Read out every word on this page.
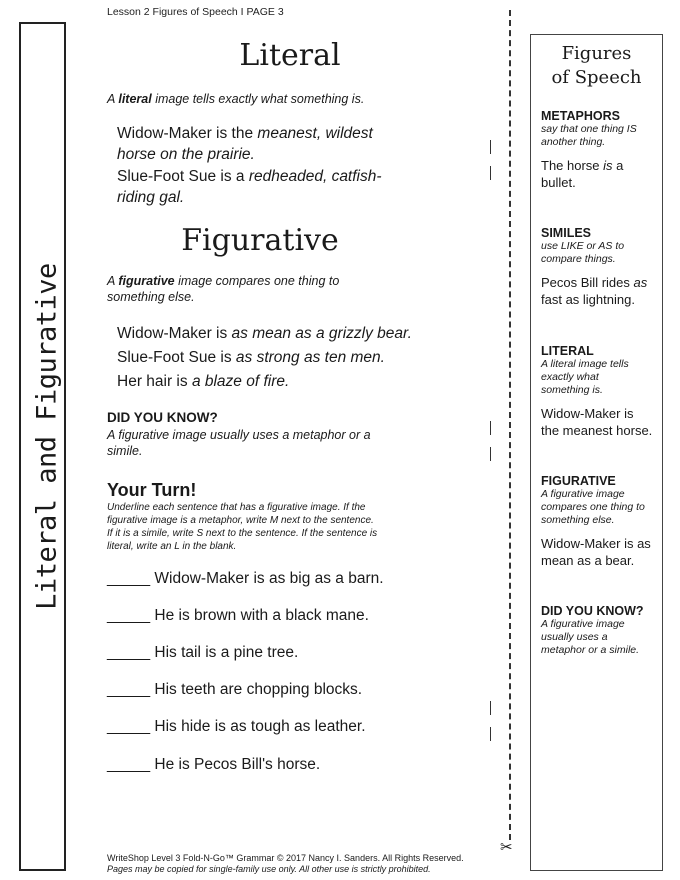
Literal and Figurative
Lesson 2 Figures of Speech I PAGE 3
Literal
A literal image tells exactly what something is.
Widow-Maker is the meanest, wildest
horse on the prairie.
Slue-Foot Sue is a redheaded, catfish-
riding gal.
Figurative
A figurative image compares one thing to
something else.
Widow-Maker is as mean as a grizzly bear.
Slue-Foot Sue is as strong as ten men.
Her hair is a blaze of fire.
DID YOU KNOW?
A figurative image usually uses a metaphor or a
simile.
Your Turn!
Underline each sentence that has a figurative image. If the
figurative image is a metaphor, write M next to the sentence.
If it is a simile, write S next to the sentence. If the sentence is
literal, write an L in the blank.
_____ Widow-Maker is as big as a barn.
_____ He is brown with a black mane.
_____ His tail is a pine tree.
_____ His teeth are chopping blocks.
_____ His hide is as tough as leather.
_____ He is Pecos Bill's horse.
✂
Figures
of Speech
METAPHORS
say that one thing IS
another thing.
The horse is a
bullet.
SIMILES
use LIKE or AS to
compare things.
Pecos Bill rides as
fast as lightning.
LITERAL
A literal image tells
exactly what
something is.
Widow-Maker is
the meanest horse.
FIGURATIVE
A figurative image
compares one thing to
something else.
Widow-Maker is as
mean as a bear.
DID YOU KNOW?
A figurative image
usually uses a
metaphor or a simile.
WriteShop Level 3 Fold-N-Go™ Grammar © 2017 Nancy I. Sanders. All Rights Reserved.
Pages may be copied for single-family use only. All other use is strictly prohibited.
